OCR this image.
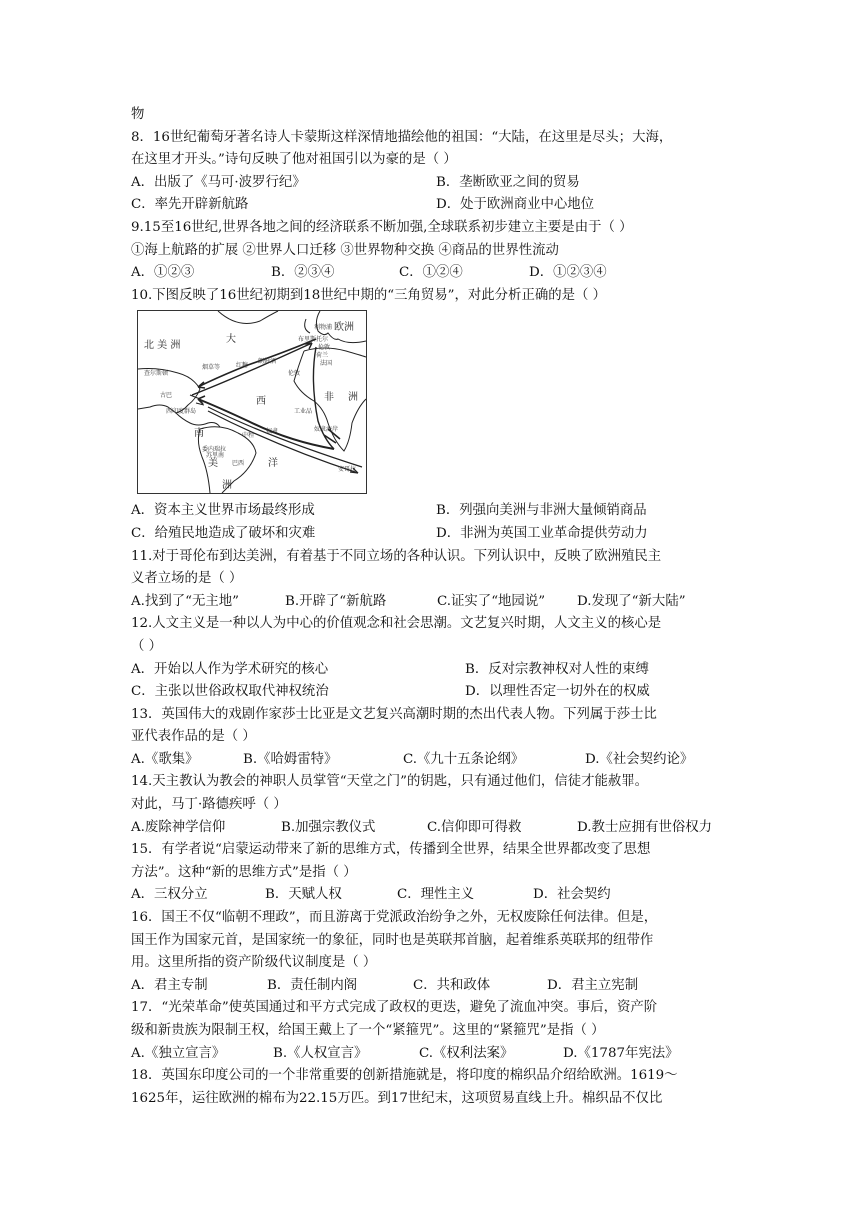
物
8．16世纪葡萄牙著名诗人卡蒙斯这样深情地描绘他的祖国：“大陆，在这里是尽头；大海，
在这里才开头。”诗句反映了他对祖国引以为豪的是（ ）
A．出版了《马可·波罗行纪》	B．垄断欧亚之间的贸易
C．率先开辟新航路	D．处于欧洲商业中心地位
9.15至16世纪,世界各地之间的经济联系不断加强,全球联系初步建立主要是由于（ ）
①海上航路的扩展 ②世界人口迁移 ③世界物种交换 ④商品的世界性流动
A．①②③	B．②③④	C．①②④	D．①②③④
10.下图反映了16世纪初期到18世纪中期的“三角贸易”，对此分析正确的是（ ）
北 美 洲
大
欧洲
西	非 洲
南
洋
美
洲
利物浦
布里斯托尔
伦敦
法国
荷兰
烟草等	红糖
朗姆酒
查尔斯顿
古巴
西印度群岛
委内瑞拉
苏里南
巴西
中程
奴隶
伦敦
奴隶海岸
安哥拉
工业品
A．资本主义世界市场最终形成	B．列强向美洲与非洲大量倾销商品
C．给殖民地造成了破坏和灾难	D．非洲为英国工业革命提供劳动力
11.对于哥伦布到达美洲，有着基于不同立场的各种认识。下列认识中，反映了欧洲殖民主
义者立场的是（ ）
A.找到了“无主地”	B.开辟了“新航路	C.证实了“地园说”	D.发现了“新大陆”
12.人文主义是一种以人为中心的价值观念和社会思潮。文艺复兴时期，人文主义的核心是
（ ）
A．开始以人作为学术研究的核心	B．反对宗教神权对人性的束缚
C．主张以世俗政权取代神权统治	D．以理性否定一切外在的权威
13．英国伟大的戏剧作家莎士比亚是文艺复兴高潮时期的杰出代表人物。下列属于莎士比
亚代表作品的是（ ）
A.《歌集》	B.《哈姆雷特》	C.《九十五条论纲》	D.《社会契约论》
14.天主教认为教会的神职人员掌管“天堂之门”的钥匙，只有通过他们，信徒才能赦罪。
对此，马丁·路德疾呼（ ）
A.废除神学信仰	B.加强宗教仪式	C.信仰即可得救	D.教士应拥有世俗权力
15．有学者说“启蒙运动带来了新的思维方式，传播到全世界，结果全世界都改变了思想
方法”。这种“新的思维方式”是指（ ）
A．三权分立	B．天赋人权	C．理性主义	D．社会契约
16．国王不仅“临朝不理政”，而且游离于党派政治纷争之外，无权废除任何法律。但是，
国王作为国家元首，是国家统一的象征，同时也是英联邦首脑，起着维系英联邦的纽带作
用。这里所指的资产阶级代议制度是（ ）
A．君主专制	B．责任制内阁	C．共和政体	D．君主立宪制
17．“光荣革命”使英国通过和平方式完成了政权的更迭，避免了流血冲突。事后，资产阶
级和新贵族为限制王权，给国王戴上了一个“紧箍咒”。这里的“紧箍咒”是指（ ）
A.《独立宣言》	B.《人权宣言》	C.《权利法案》	D.《1787年宪法》
18．英国东印度公司的一个非常重要的创新措施就是，将印度的棉织品介绍给欧洲。1619～
1625年，运往欧洲的棉布为22.15万匹。到17世纪末，这项贸易直线上升。棉织品不仅比
